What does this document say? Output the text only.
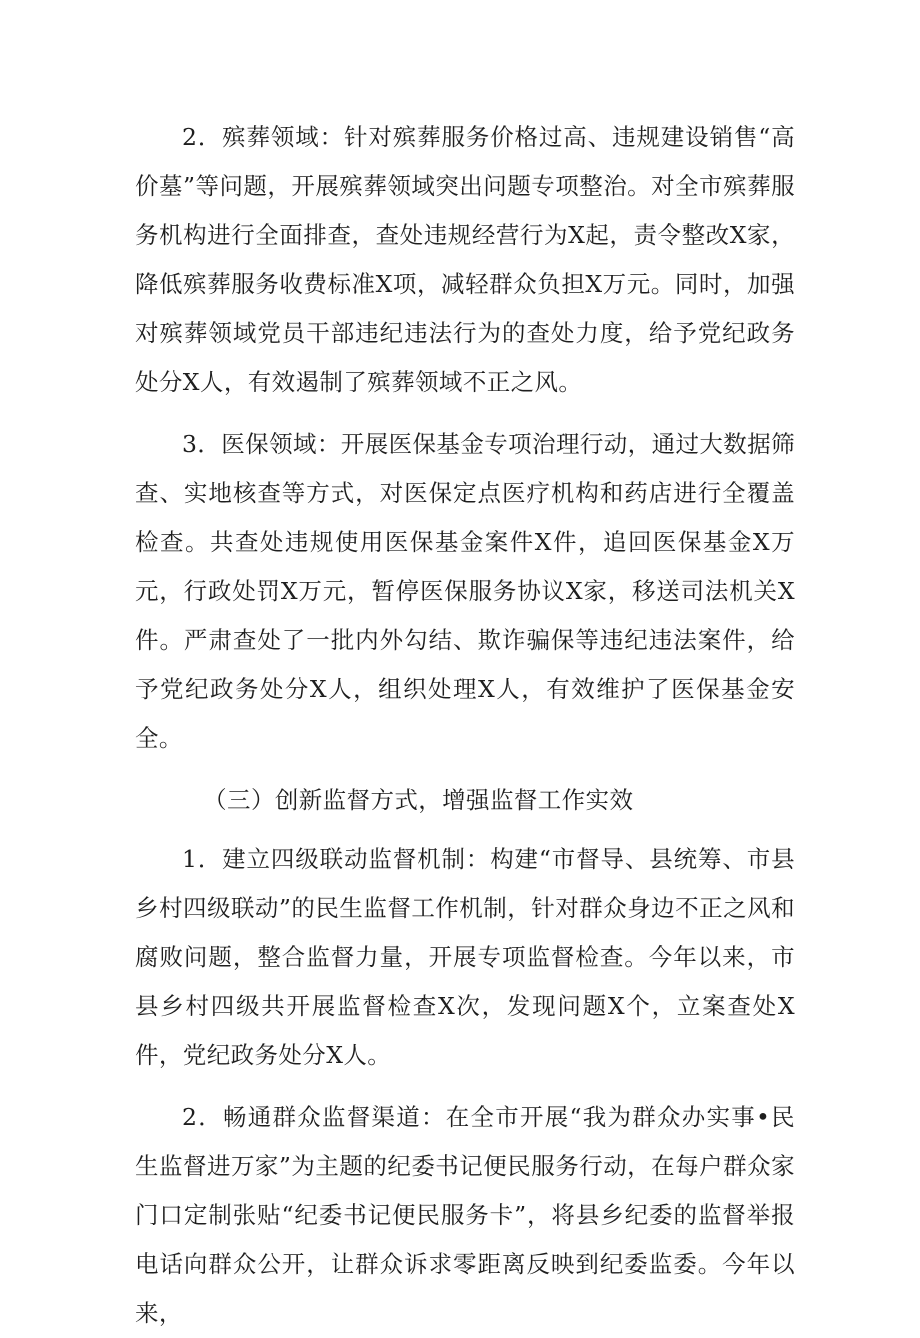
2．殡葬领域：针对殡葬服务价格过高、违规建设销售“高价墓”等问题，开展殡葬领域突出问题专项整治。对全市殡葬服务机构进行全面排查，查处违规经营行为X起，责令整改X家，降低殡葬服务收费标准X项，减轻群众负担X万元。同时，加强对殡葬领域党员干部违纪违法行为的查处力度，给予党纪政务处分X人，有效遏制了殡葬领域不正之风。

3．医保领域：开展医保基金专项治理行动，通过大数据筛查、实地核查等方式，对医保定点医疗机构和药店进行全覆盖检查。共查处违规使用医保基金案件X件，追回医保基金X万元，行政处罚X万元，暂停医保服务协议X家，移送司法机关X件。严肃查处了一批内外勾结、欺诈骗保等违纪违法案件，给予党纪政务处分X人，组织处理X人，有效维护了医保基金安全。

（三）创新监督方式，增强监督工作实效

1．建立四级联动监督机制：构建“市督导、县统筹、市县乡村四级联动”的民生监督工作机制，针对群众身边不正之风和腐败问题，整合监督力量，开展专项监督检查。今年以来，市县乡村四级共开展监督检查X次，发现问题X个，立案查处X件，党纪政务处分X人。

2．畅通群众监督渠道：在全市开展“我为群众办实事•民生监督进万家”为主题的纪委书记便民服务行动，在每户群众家门口定制张贴“纪委书记便民服务卡”，将县乡纪委的监督举报电话向群众公开，让群众诉求零距离反映到纪委监委。今年以来，
